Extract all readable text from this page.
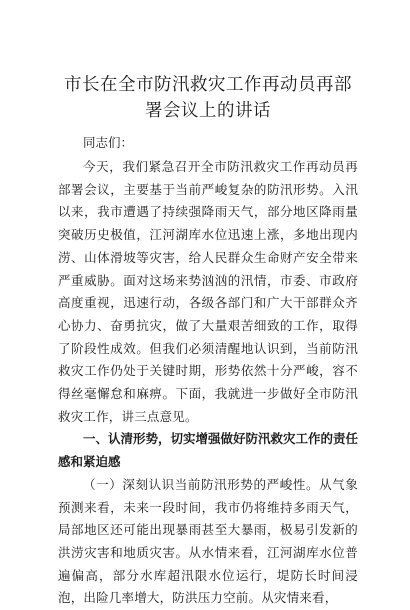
市长在全市防汛救灾工作再动员再部署会议上的讲话

同志们：

今天，我们紧急召开全市防汛救灾工作再动员再部署会议，主要基于当前严峻复杂的防汛形势。入汛以来，我市遭遇了持续强降雨天气，部分地区降雨量突破历史极值，江河湖库水位迅速上涨，多地出现内涝、山体滑坡等灾害，给人民群众生命财产安全带来严重威胁。面对这场来势汹汹的汛情，市委、市政府高度重视，迅速行动，各级各部门和广大干部群众齐心协力、奋勇抗灾，做了大量艰苦细致的工作，取得了阶段性成效。但我们必须清醒地认识到，当前防汛救灾工作仍处于关键时期，形势依然十分严峻，容不得丝毫懈怠和麻痹。下面，我就进一步做好全市防汛救灾工作，讲三点意见。

一、认清形势，切实增强做好防汛救灾工作的责任感和紧迫感

（一）深刻认识当前防汛形势的严峻性。从气象预测来看，未来一段时间，我市仍将维持多雨天气，局部地区还可能出现暴雨甚至大暴雨，极易引发新的洪涝灾害和地质灾害。从水情来看，江河湖库水位普遍偏高，部分水库超汛限水位运行，堤防长时间浸泡，出险几率增大，防洪压力空前。从灾情来看，
